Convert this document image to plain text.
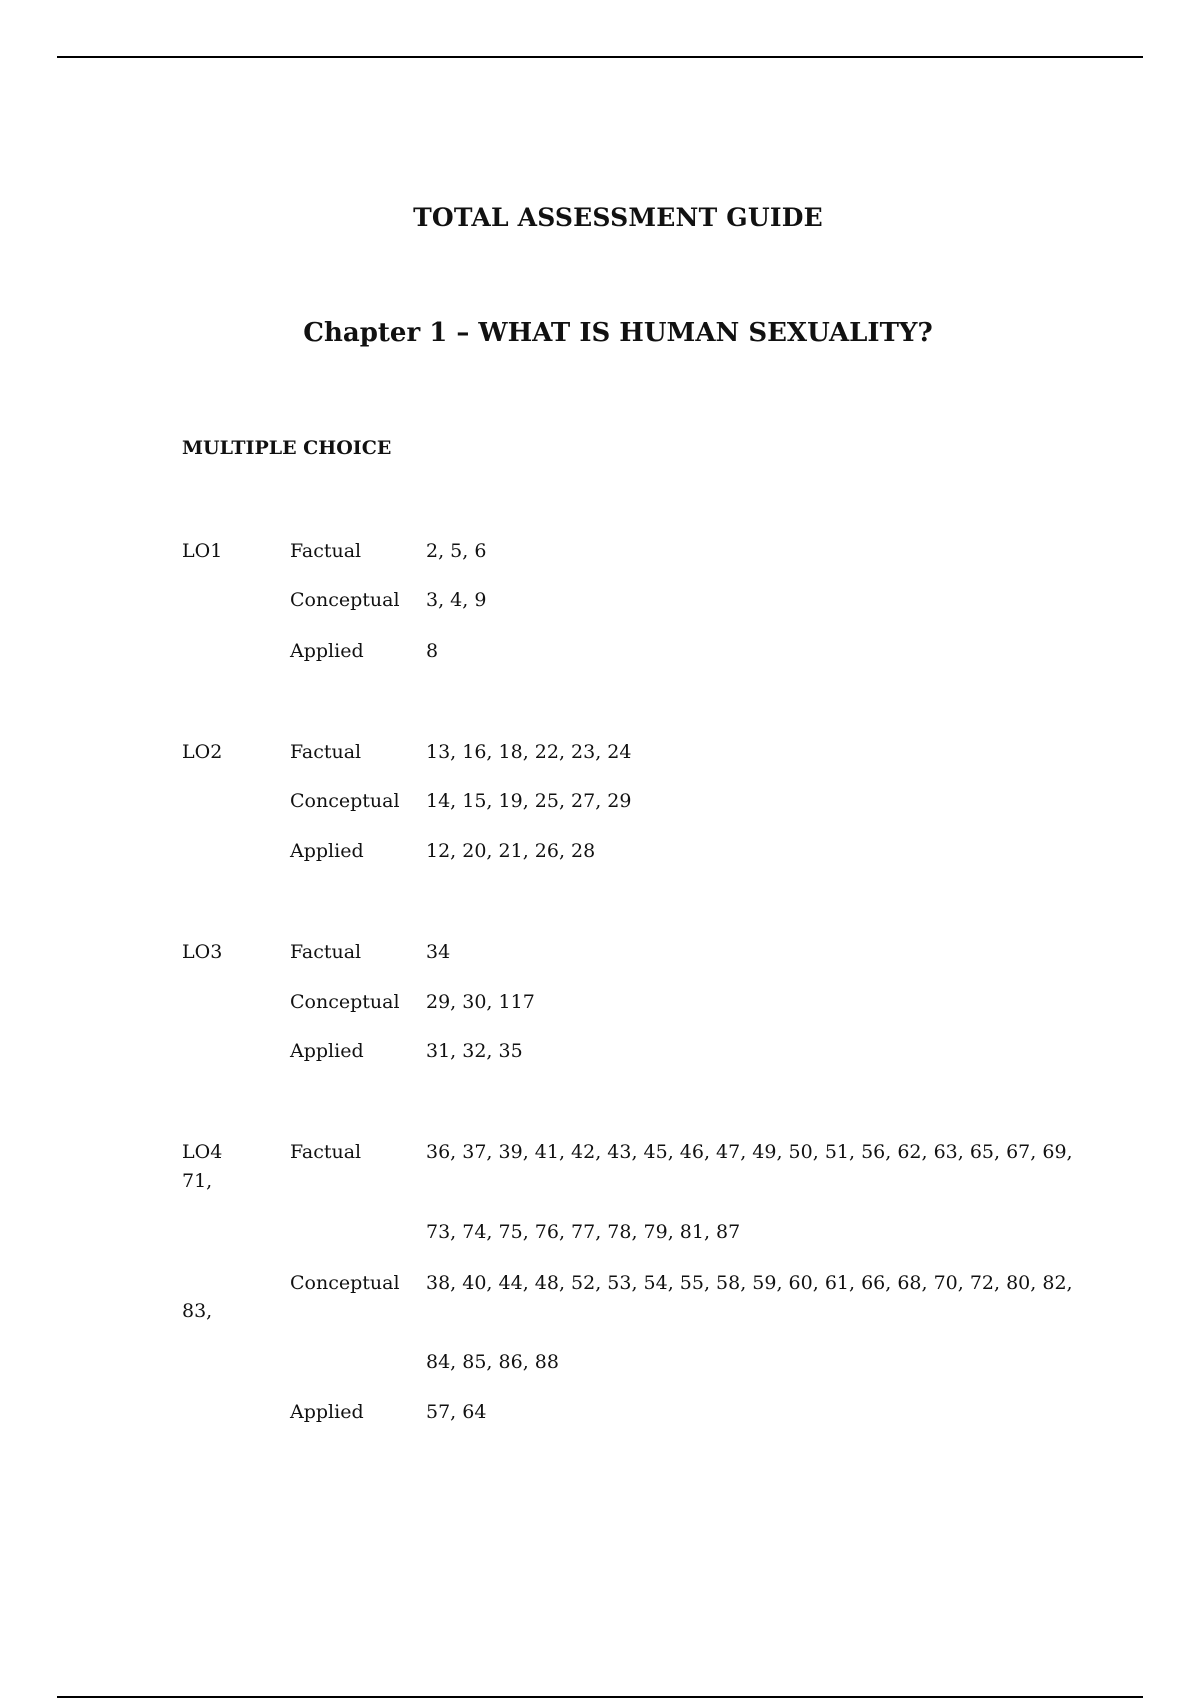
TOTAL ASSESSMENT GUIDE
Chapter 1 – WHAT IS HUMAN SEXUALITY?
MULTIPLE CHOICE
LO1	Factual	2, 5, 6
Conceptual 3, 4, 9
Applied	8
LO2	Factual	13, 16, 18, 22, 23, 24
Conceptual 14, 15, 19, 25, 27, 29
Applied	12, 20, 21, 26, 28
LO3	Factual	34
Conceptual 29, 30, 117
Applied	31, 32, 35
LO4	Factual	36, 37, 39, 41, 42, 43, 45, 46, 47, 49, 50, 51, 56, 62, 63, 65, 67, 69,
71,
73, 74, 75, 76, 77, 78, 79, 81, 87
Conceptual 38, 40, 44, 48, 52, 53, 54, 55, 58, 59, 60, 61, 66, 68, 70, 72, 80, 82,
83,
84, 85, 86, 88
Applied	57, 64
